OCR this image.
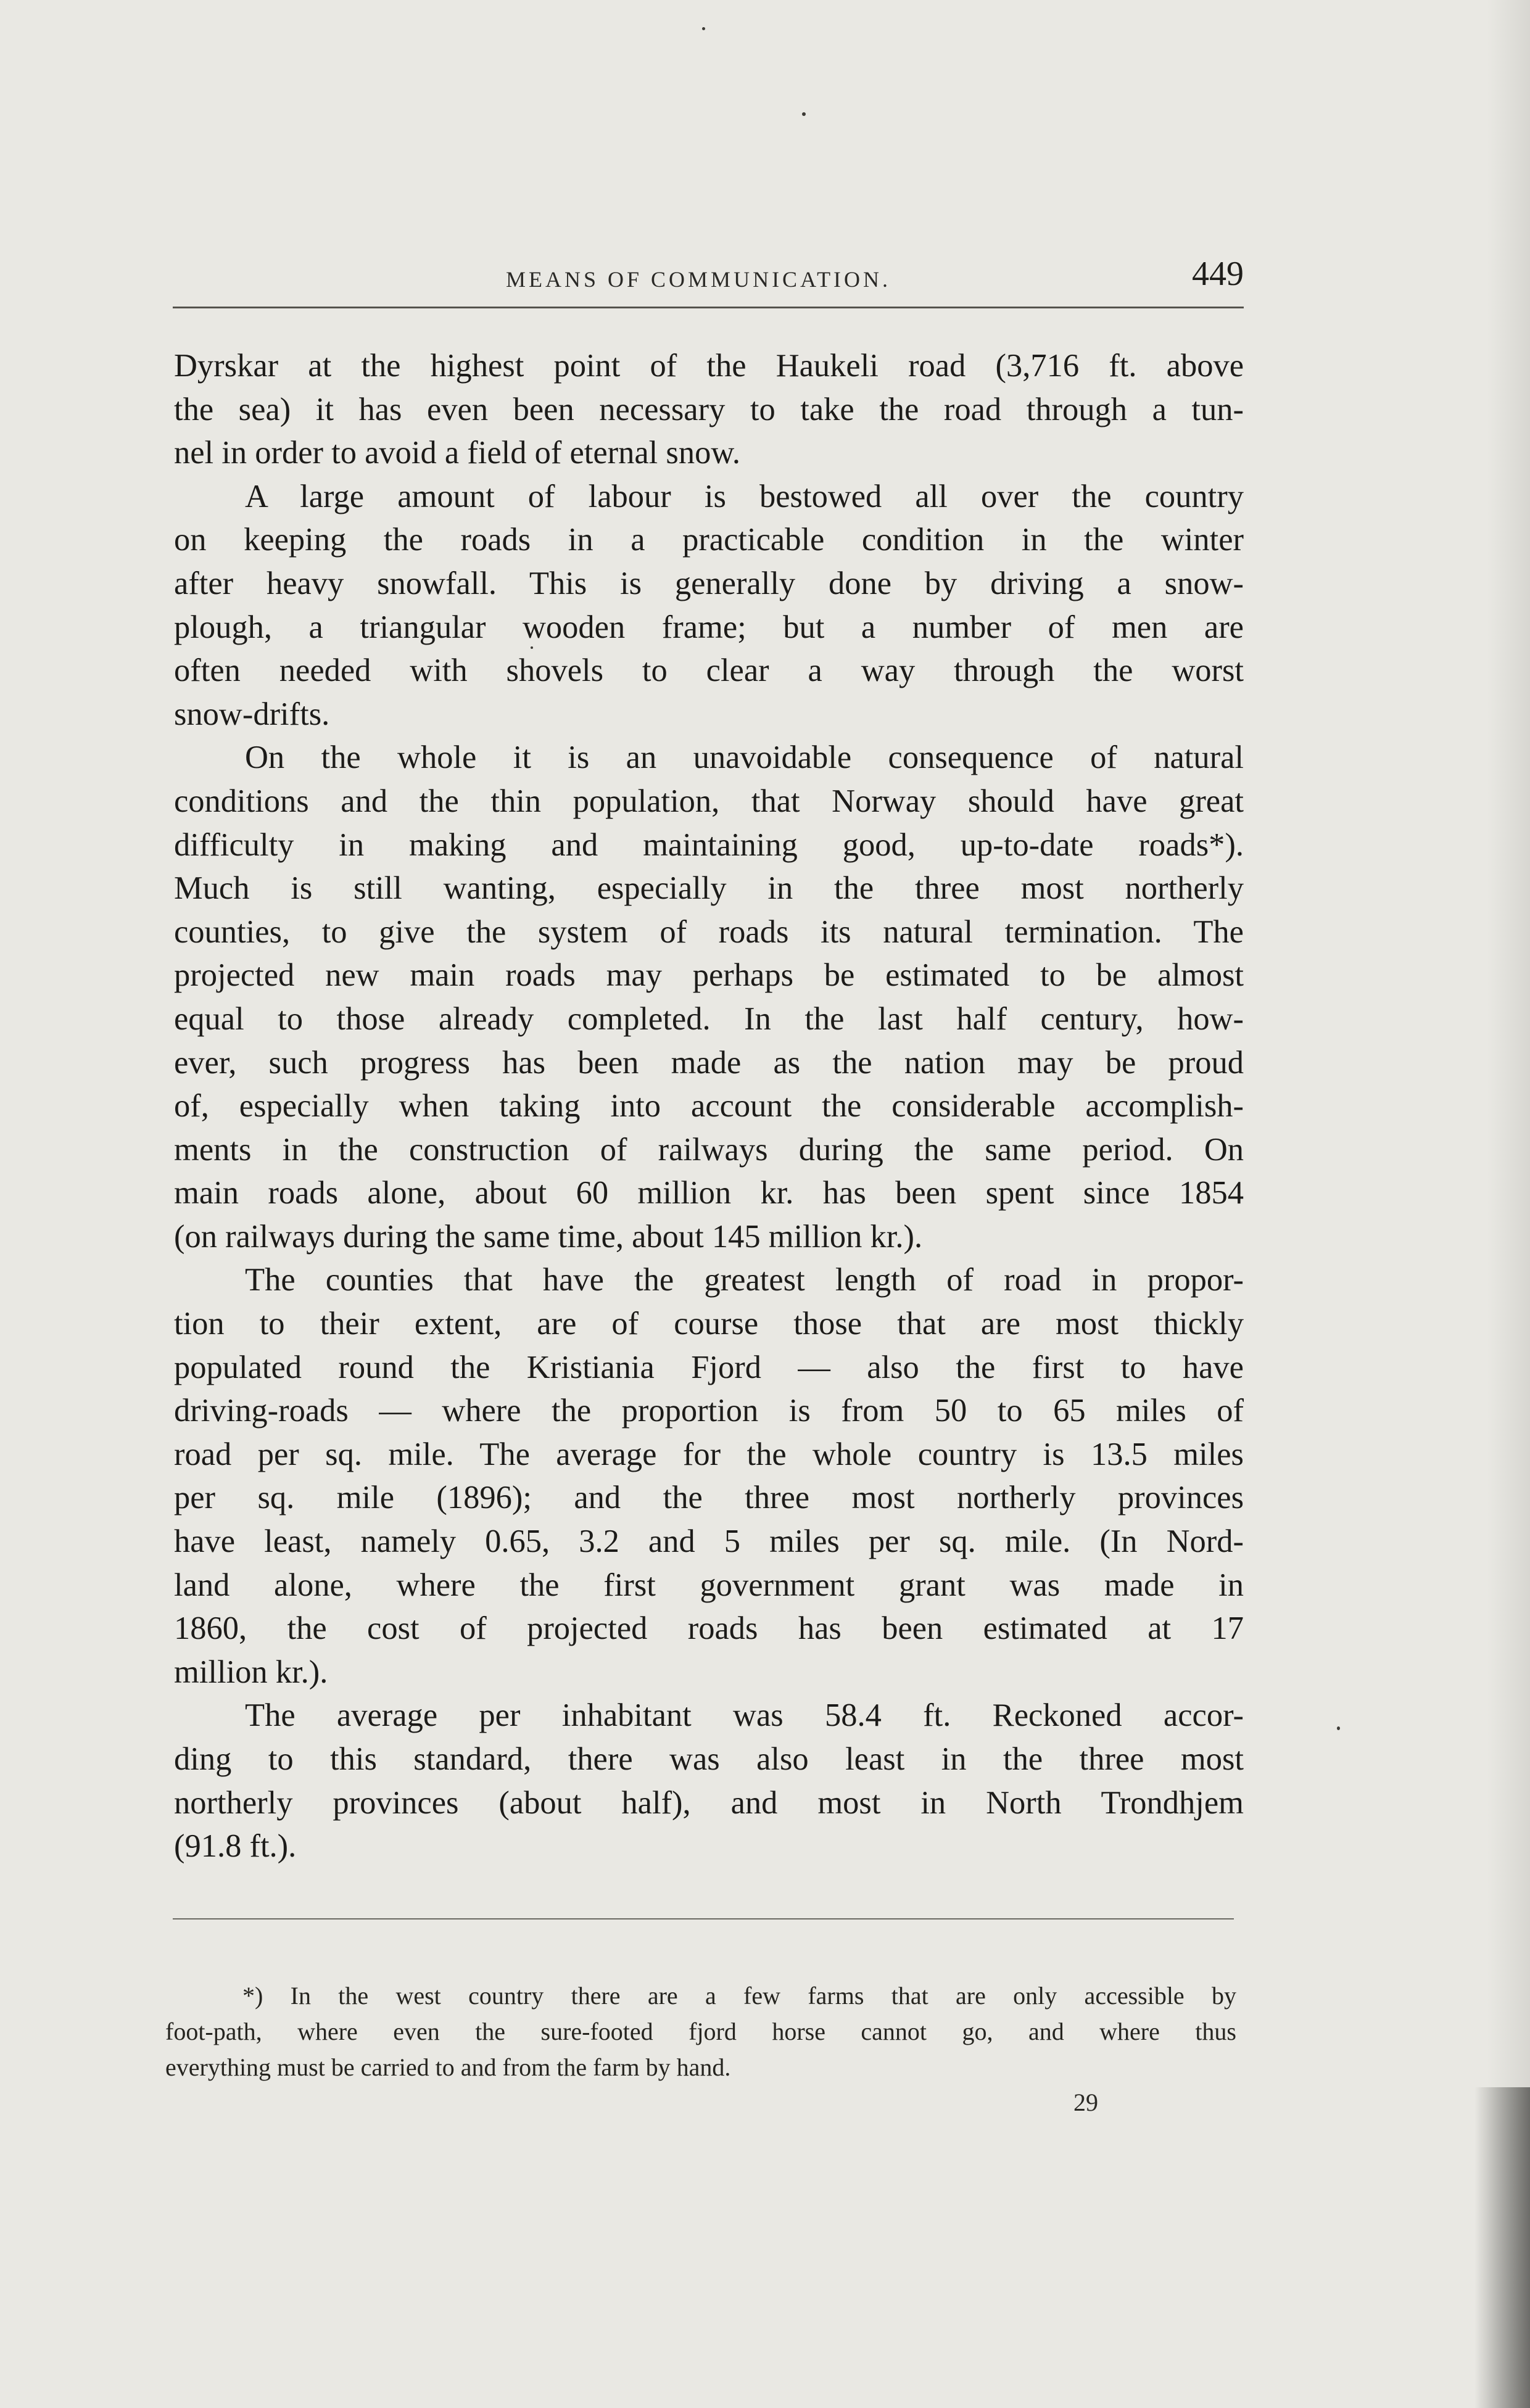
MEANS OF COMMUNICATION.	449

Dyrskar at the highest point of the Haukeli road (3,716 ft. above

the sea) it has even been necessary to take the road through a tun-

nel in order to avoid a field of eternal snow.

A large amount of labour is bestowed all over the country

on keeping the roads in a practicable condition in the winter

after heavy snowfall. This is generally done by driving a snow-

plough, a triangular wooden frame; but a number of men are

often needed with shovels to clear a way through the worst

snow-drifts.

On the whole it is an unavoidable consequence of natural

conditions and the thin population, that Norway should have great

difficulty in making and maintaining good, up-to-date roads*).

Much is still wanting, especially in the three most northerly

counties, to give the system of roads its natural termination. The

projected new main roads may perhaps be estimated to be almost

equal to those already completed. In the last half century, how-

ever, such progress has been made as the nation may be proud

of, especially when taking into account the considerable accomplish-

ments in the construction of railways during the same period. On

main roads alone, about 60 million kr. has been spent since 1854

(on railways during the same time, about 145 million kr.).

The counties that have the greatest length of road in propor-

tion to their extent, are of course those that are most thickly

populated round the Kristiania Fjord — also the first to have

driving-roads — where the proportion is from 50 to 65 miles of

road per sq. mile. The average for the whole country is 13.5 miles

per sq. mile (1896); and the three most northerly provinces

have least, namely 0.65, 3.2 and 5 miles per sq. mile. (In Nord-

land alone, where the first government grant was made in

1860, the cost of projected roads has been estimated at 17

million kr.).

The average per inhabitant was 58.4 ft. Reckoned accor-

ding to this standard, there was also least in the three most

northerly provinces (about half), and most in North Trondhjem

(91.8 ft.).

*) In the west country there are a few farms that are only accessible by

foot-path, where even the sure-footed fjord horse cannot go, and where thus

everything must be carried to and from the farm by hand.

29
